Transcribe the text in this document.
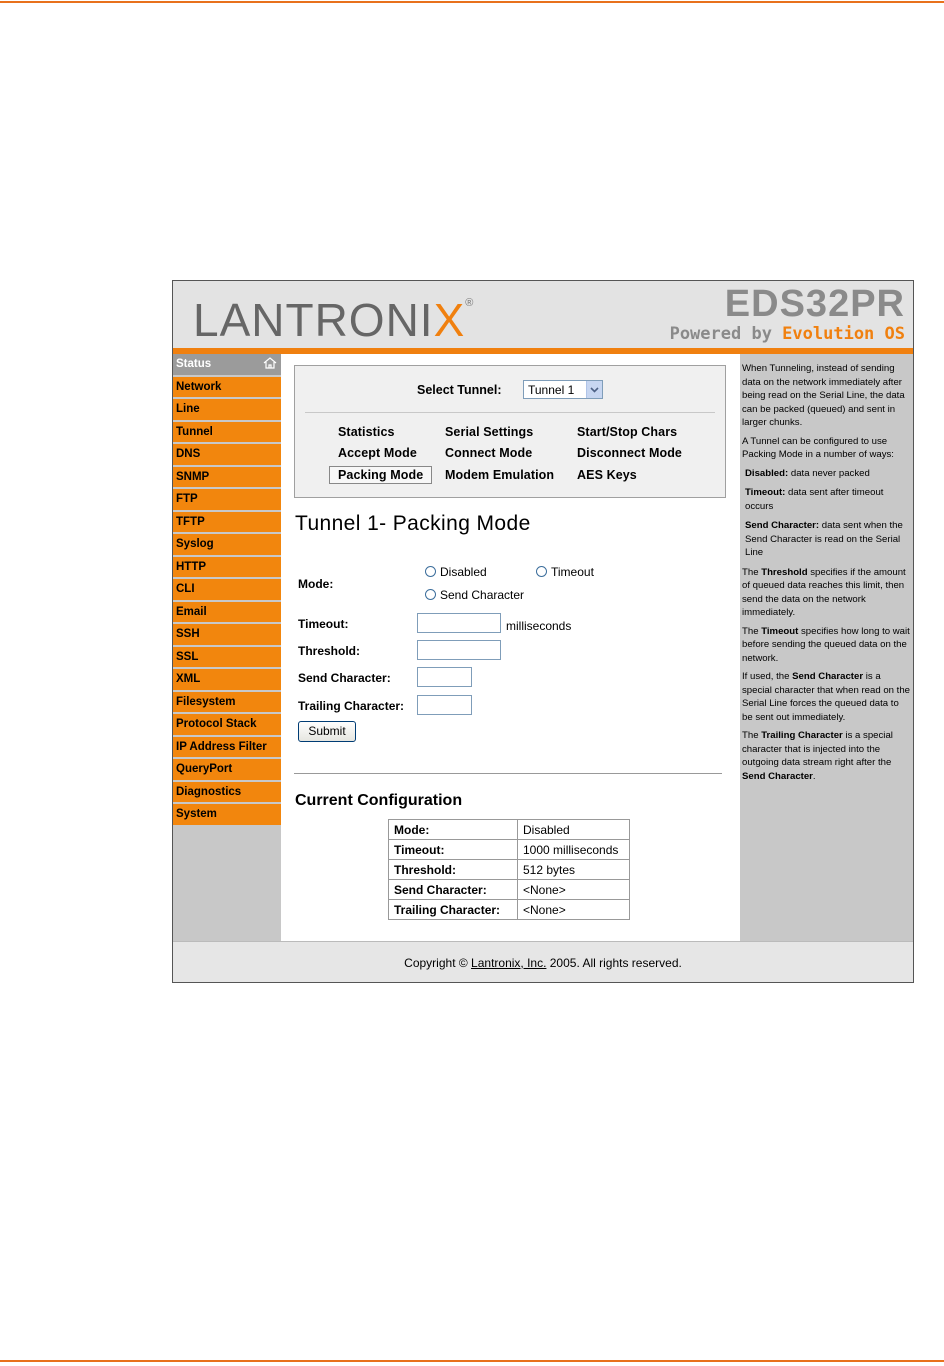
LANTRONIX®	EDS32PR
Powered by Evolution OS
Status
Network
Line
Tunnel
DNS
SNMP
FTP
TFTP
Syslog
HTTP
CLI
Email
SSH
SSL
XML
Filesystem
Protocol Stack
IP Address Filter
QueryPort
Diagnostics
System
Select Tunnel: Tunnel 1
Statistics	Serial Settings	Start/Stop Chars
Accept Mode Connect Mode	Disconnect Mode
Packing Mode	Modem Emulation AES Keys
Tunnel 1- Packing Mode
Mode:
Disabled	Timeout
Send Character
Timeout:	milliseconds
Threshold:
Send Character:
Trailing Character:
Submit
Current Configuration
Mode:	Disabled
Timeout:	1000 milliseconds
Threshold:	512 bytes
Send Character:	<None>
Trailing Character:	<None>

When Tunneling, instead of sending data on the network immediately after being read on the Serial Line, the data can be packed (queued) and sent in larger chunks.

A Tunnel can be configured to use Packing Mode in a number of ways:

Disabled: data never packed

Timeout: data sent after timeout occurs

Send Character: data sent when the Send Character is read on the Serial Line

The Threshold specifies if the amount of queued data reaches this limit, then send the data on the network immediately.

The Timeout specifies how long to wait before sending the queued data on the network.

If used, the Send Character is a special character that when read on the Serial Line forces the queued data to be sent out immediately.

The Trailing Character is a special character that is injected into the outgoing data stream right after the Send Character.

Copyright © Lantronix, Inc. 2005. All rights reserved.
